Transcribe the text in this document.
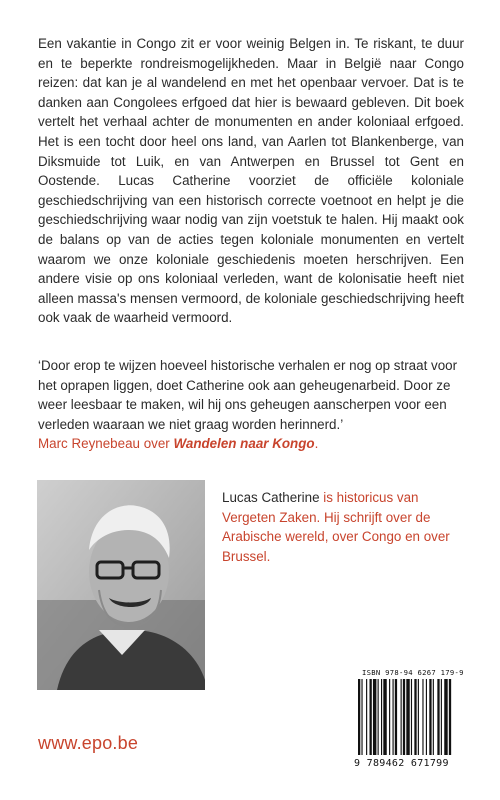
Een vakantie in Congo zit er voor weinig Belgen in. Te riskant, te duur en te beperkte rondreismogelijkheden. Maar in België naar Congo reizen: dat kan je al wandelend en met het openbaar vervoer. Dat is te danken aan Congolees erfgoed dat hier is bewaard gebleven. Dit boek vertelt het verhaal achter de monumenten en ander koloniaal erfgoed. Het is een tocht door heel ons land, van Aarlen tot Blankenberge, van Diksmuide tot Luik, en van Antwerpen en Brussel tot Gent en Oostende. Lucas Catherine voorziet de officiële koloniale geschiedschrijving van een historisch correcte voetnoot en helpt je die geschiedschrijving waar nodig van zijn voetstuk te halen. Hij maakt ook de balans op van de acties tegen koloniale monumenten en vertelt waarom we onze koloniale geschiedenis moeten herschrijven. Een andere visie op ons koloniaal verleden, want de kolonisatie heeft niet alleen massa's mensen vermoord, de koloniale geschiedschrijving heeft ook vaak de waarheid vermoord.

‘Door erop te wijzen hoeveel historische verhalen er nog op straat voor het oprapen liggen, doet Catherine ook aan geheugenarbeid. Door ze weer leesbaar te maken, wil hij ons geheugen aanscherpen voor een verleden waaraan we niet graag worden herinnerd.’
Marc Reynebeau over Wandelen naar Kongo.

Lucas Catherine is historicus van Vergeten Zaken. Hij schrijft over de Arabische wereld, over Congo en over Brussel.

www.epo.be
ISBN 978-94 6267 179-9
9 789462 671799
